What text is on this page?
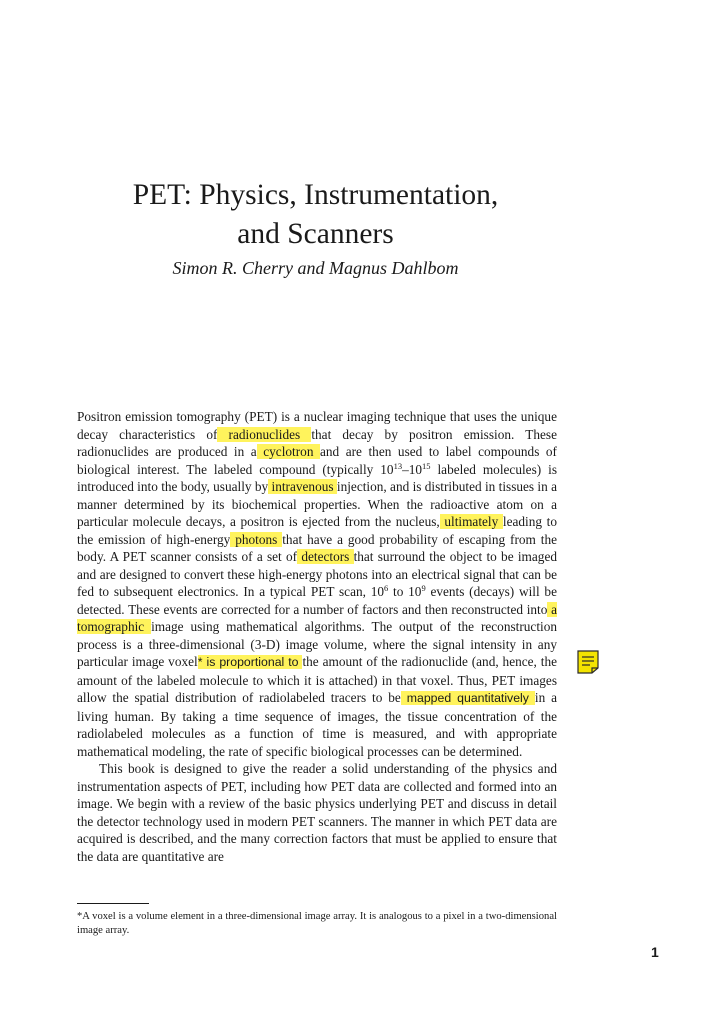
PET: Physics, Instrumentation,
and Scanners

Simon R. Cherry and Magnus Dahlbom

Positron emission tomography (PET) is a nuclear imaging technique that uses the unique decay characteristics of radionuclides that decay by positron emission. These radionuclides are produced in a cyclotron and are then used to label compounds of biological interest. The labeled compound (typically $10^{13}-10^{15}$ labeled molecules) is introduced into the body, usually by intravenous injection, and is distributed in tissues in a manner determined by its biochemical properties. When the radioactive atom on a particular molecule decays, a positron is ejected from the nucleus, ultimately leading to the emission of high-energy photons that have a good probability of escaping from the body. A PET scanner consists of a set of detectors that surround the object to be imaged and are designed to convert these high-energy photons into an electrical signal that can be fed to subsequent electronics. In a typical PET scan, $10^6$ to $10^9$ events (decays) will be detected. These events are corrected for a number of factors and then reconstructed into a tomographic image using mathematical algorithms. The output of the reconstruction process is a three-dimensional (3-D) image volume, where the signal intensity in any particular image voxel* is proportional to the amount of the radionuclide (and, hence, the amount of the labeled molecule to which it is attached) in that voxel. Thus, PET images allow the spatial distribution of radiolabeled tracers to be mapped quantitatively in a living human. By taking a time sequence of images, the tissue concentration of the radiolabeled molecules as a function of time is measured, and with appropriate mathematical modeling, the rate of specific biological processes can be determined.

This book is designed to give the reader a solid understanding of the physics and instrumentation aspects of PET, including how PET data are collected and formed into an image. We begin with a review of the basic physics underlying PET and discuss in detail the detector technology used in modern PET scanners. The manner in which PET data are acquired is described, and the many correction factors that must be applied to ensure that the data are quantitative are

*A voxel is a volume element in a three-dimensional image array. It is analogous to a pixel in a two-dimensional image array.

1
